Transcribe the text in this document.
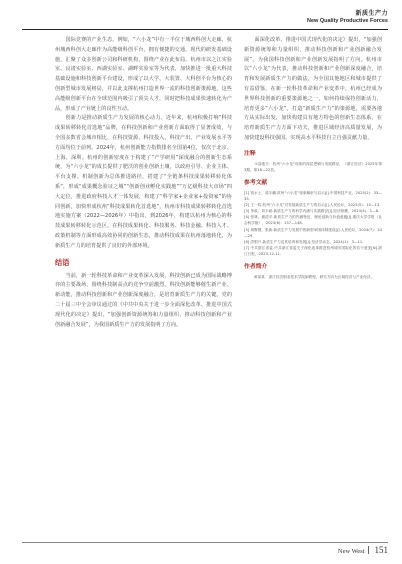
新质生产力
New Quality Productive Forces

国际竞赛的产业生态。例如，“六小龙”中有一半位于城西科创大走廊，杭州城西科创大走廊作为高能级科创平台，拥有便捷的交通、现代的研发基础设施，汇聚了众多创新公司和科研机构，围绕产业在此布局。杭州市以之江实验室、良渚实验室、西湖实验室、湖畔实验室等为代表，加快推进一批重大科技基础设施和科技创新平台建设，形成了以大学、大装置、大科创平台为核心的创新型城市发展格局，并以此支撑杭州打造世界一流的科技创新策源地。这些高能级创新平台在全球范围内吸引了顶尖人才，同时把科技成果快速转化为产品，形成了产业链上的良性互动。

创新力是推动新质生产力发展的核心动力。近年来，杭州积极打响“科技成果转移转化首选地”品牌，在科技创新和产业创新方面取得了显著成效，与全国多数省会城市相比，在科技资源、科技投入、科技产出、产业发展水平等方面均位于前列。2024年，杭州创新能力指数排名全国第4位，仅次于北京、上海、深圳。杭州的创新密度在于构建了“产学研用”深度融合的创新生态系统，为“六小龙”的成长提供了肥沃的创业创新土壤，以政府引导、企业主体、平台支撑、机制创新为总体推进路径，搭建了“全链条科技成果转移转化体系”，形成“成果概念验证之城”“创新创业孵化实践地”“万亿级科技大市场”四大定位，推进政府科技人才一体发展，构建了“科学家+企业家+投资家”的协同创新，加快形成杭州“科技成果转化首选地”，杭州市科技成果转移转化首选地实施方案（2022—2026年）中指出，到2026年，构建以杭州为核心的科技成果转移转化示范区，在科技成果转化、科技服务、科技金融、科技人才、政策机制等方面形成高效协同的创新生态，推动科技成果在杭州落地转化，为新质生产力的培育提供了良好的外部环境。

结语

当前，新一轮科技革命和产业变革深入发展，科技创新已成为国际战略博弈的主要战场，围绕科技制高点的竞争空前激烈。科技创新能够催生新产业、新动能，推动科技创新和产业创新深度融合，是培育新质生产力的关键。党的二十届三中全会审议通过的《中共中央关于进一步全面深化改革、推进中国式现代化的决定》提出，“加强创新资源统筹和力量组织，推动科技创新和产业创新融合发展”，为我国新质生产力的发展指明了方向。

面深化改革、推进中国式现代化的决定》提出，“加强创新资源统筹和力量组织，推动科技创新和产业创新融合发展”，为我国科技创新和产业创新发展指明了方向。杭州市以“六小龙”为代表，推动科技创新和产业创新深度融合，培育和发展新质生产力的做法，为全国其他地区和城市提供了有益借鉴。在新一轮科技革命和产业变革中，杭州已经成为世界科技创新的重要策源地之一，如何持续保持创新活力，培育更多“六小龙”，打造“新质生产力”的策源地，需要各地方从实际出发，加快构建具有地方特色的创新生态体系，在培育新质生产力方面下功夫，推进区域经济高质量发展，为加快建设科技强国、实现高水平科技自立自强贡献力量。

注释

①邵逸夫：杭州“六小龙”现象的深层逻辑与发展路径，《浙江经济》2025年第3期，第18—22页。

参考文献

[1] 钱水土，周宇鹏.杭州“六小龙”现象解析与启示[J].中国科技产业，2025(2)：33—35.

[2] 王一鸣.杭州“六小龙”对发展新质生产力的启示[J].人民论坛，2025(5)：10—13.

[3] 李政，刘丰硕.新质生产力的科学内涵与实践路径[J].经济纵横，2024(4)：1—8.

[4] 张林，蒲清平.新质生产力的内涵特征、理论创新与价值意蕴[J].重庆大学学报（社会科学版），2023(6)：137—148.

[5] 胡鞍钢，张新.新质生产力发展中的新型举国体制建设[J].人民论坛，2024(7)：24—29.

[6] 洪银兴.新质生产力及其培育和发展[J].经济学动态，2024(1)：3—11.

[7] 中共浙江省委.中共浙江省委关于深化改革推进杭州城市国际化的若干意见[N].浙江日报，2023-12-11.

作者简介

黄某某　浙江经济职业技术学院副教授，研究方向为区域经济与产业经济。

New West 151
